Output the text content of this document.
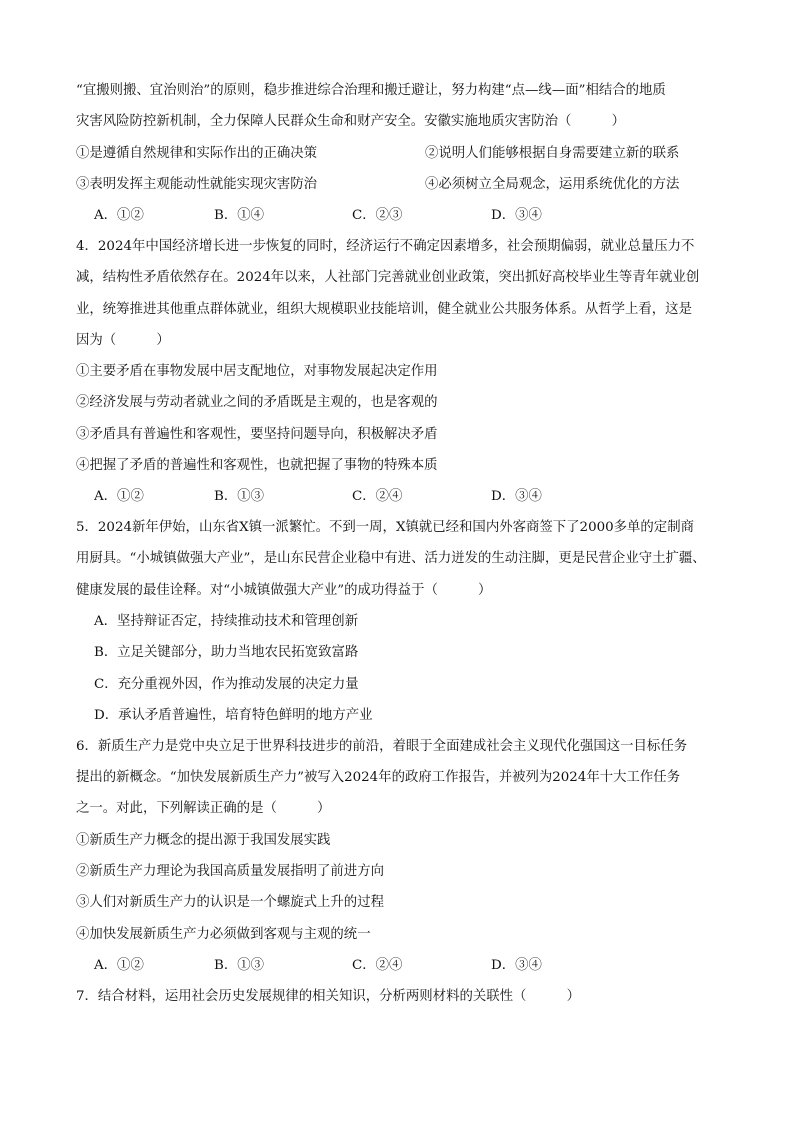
“宜搬则搬、宜治则治”的原则，稳步推进综合治理和搬迁避让，努力构建“点—线—面”相结合的地质
灾害风险防控新机制，全力保障人民群众生命和财产安全。安徽实施地质灾害防治（　　　）
①是遵循自然规律和实际作出的正确决策	②说明人们能够根据自身需要建立新的联系
③表明发挥主观能动性就能实现灾害防治	④必须树立全局观念，运用系统优化的方法
A．①②	B．①④	C．②③	D．③④
4．2024年中国经济增长进一步恢复的同时，经济运行不确定因素增多，社会预期偏弱，就业总量压力不
减，结构性矛盾依然存在。2024年以来，人社部门完善就业创业政策，突出抓好高校毕业生等青年就业创
业，统筹推进其他重点群体就业，组织大规模职业技能培训，健全就业公共服务体系。从哲学上看，这是
因为（　　　）
①主要矛盾在事物发展中居支配地位，对事物发展起决定作用
②经济发展与劳动者就业之间的矛盾既是主观的，也是客观的
③矛盾具有普遍性和客观性，要坚持问题导向，积极解决矛盾
④把握了矛盾的普遍性和客观性，也就把握了事物的特殊本质
A．①②	B．①③	C．②④	D．③④
5．2024新年伊始，山东省X镇一派繁忙。不到一周，X镇就已经和国内外客商签下了2000多单的定制商
用厨具。“小城镇做强大产业”，是山东民营企业稳中有进、活力迸发的生动注脚，更是民营企业守土扩疆、
健康发展的最佳诠释。对“小城镇做强大产业”的成功得益于（　　　）
A．坚持辩证否定，持续推动技术和管理创新
B．立足关键部分，助力当地农民拓宽致富路
C．充分重视外因，作为推动发展的决定力量
D．承认矛盾普遍性，培育特色鲜明的地方产业
6．新质生产力是党中央立足于世界科技进步的前沿，着眼于全面建成社会主义现代化强国这一目标任务
提出的新概念。“加快发展新质生产力”被写入2024年的政府工作报告，并被列为2024年十大工作任务
之一。对此，下列解读正确的是（　　　）
①新质生产力概念的提出源于我国发展实践
②新质生产力理论为我国高质量发展指明了前进方向
③人们对新质生产力的认识是一个螺旋式上升的过程
④加快发展新质生产力必须做到客观与主观的统一
A．①②	B．①③	C．②④	D．③④
7．结合材料，运用社会历史发展规律的相关知识，分析两则材料的关联性（　　　）
